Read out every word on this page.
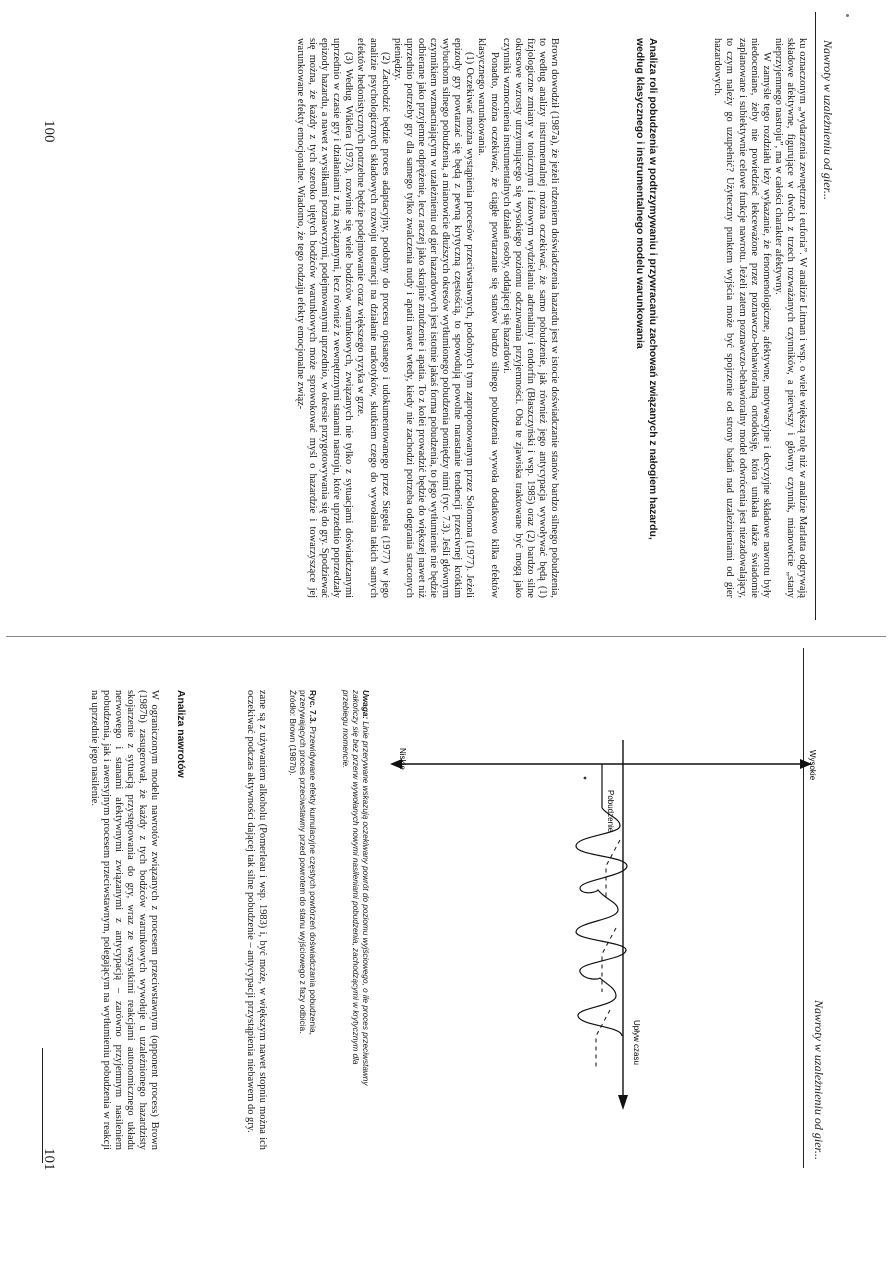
Nawroty w uzależnieniu od gier...

ku oznaczonym „wydarzenia zewnętrzne i euforia”. W analizie Litman i wsp. o wiele większą rolę niż w analizie Marlatta odgrywają składowe afektywne, figurujące w dwóch z trzech rozważanych czynników, a pierwszy i główny czynnik, mianowicie „stany nieprzyjemnego nastroju”, ma w całości charakter afektywny.

W zamyśle tego rozdziału leży wykazanie, że fenomenologiczne, afektywne, motywacyjne i decyzyjne składowe nawrotu były niedoceniane, żeby nie powiedzieć lekceważone przez poznawczo-behawioralną ortodoksję, która unikała także świadomie zaplanowane i subiektywnie celowe funkcje nawrotu. Jeżeli zatem poznawczo-behawioralny model odwrócenia jest niezadowalający, to czym należy go uzupełnić? Użyteczny punktem wyjścia może być spojrzenie od strony badań nad uzależnieniami od gier hazardowych.

Analiza roli pobudzenia w podtrzymywaniu i przywracaniu zachowań związanych z nałogiem hazardu, według klasycznego i instrumentalnego modelu warunkowania

Brown dowodził (1987a), że jeżeli rdzeniem doświadczenia hazardu jest w istocie doświadczanie stanów bardzo silnego pobudzenia, to według analizy instrumentalnej można oczekiwać, że samo pobudzenie, jak również jego antycypacja wywoływać będą (1) fizjologiczne zmiany w tonicznym i fazowym wydzielaniu adrenaliny i endorfin (Błaszczyński i wsp. 1985) oraz (2) bardzo silne okresowe wzrosty utrzymującego się wysokiego poziomu odczuwania przyjemności. Oba te zjawiska traktowane być mogą jako czynniki wzmocnienia instrumentalnych działań osoby, oddającej się hazardowi.

Ponadto, można oczekiwać, że ciągłe powtarzanie się stanów bardzo silnego pobudzenia wywoła dodatkowo kilka efektów klasycznego warunkowania.

(1) Oczekiwać można wystąpienia procesów przeciwstawnych, podobnych tym zaproponowanym przez Solomona (1977). Jeżeli epizody gry powtarzać się będą z pewną krytyczną częstością, to spowodują powolne narastanie tendencji przeciwnej krótkim wybuchom silnego pobudzenia, a mianowicie dłuższych okresów wytłumionego pobudzenia pomiędzy nimi (ryc. 7.3). Jeśli głównym czynnikiem wzmacniającym w uzależnieniu od gier hazardowych jest istotnie jakaś forma pobudzenia, to jego wytłumienie nie będzie odbierane jako przyjemne odprężenie, lecz raczej jako skrajnie znudzenie i apatia. To z kolei prowadzić będzie do większej nawet niż uprzednio potrzeby gry dla samego tylko zwalczenia nudy i apatii nawet wtedy, kiedy nie zachodzi potrzeba odegrania straconych pieniędzy.

(2) Zachodzić będzie proces adaptacyjny, podobny do procesu opisanego i udokumentowanego przez Siegela (1977) w jego analizie psychologicznych składowych rozwoju tolerancji na działanie narkotyków, skutkiem czego do wywołania takich samych efektów hedonistycznych potrzebne będzie podejmowanie coraz większego ryzyka w grze.

(3) Według Wiklera (1973), rozwinie się wiele bodźców warunkowych, związanych nie tylko z sytuacjami doświadczanymi uprzednio w czasie gry i działaniami z nią związanymi, lecz również z wewnętrznymi stanami nastroju, które uprzednio poprzedzały epizody hazardu, a nawet z wysiłkami poznawczymi, podejmowanymi uprzednio, w okresie przygotowywania się do gry. Spodziewać się można, że każdy z tych szeroko ujętych bodźców warunkowych może sprowokować myśl o hazardzie i towarzyszące jej warunkowane efekty emocjonalne. Wiadomo, że tego rodzaju efekty emocjonalne związ-

100
Nawroty w uzależnieniu od gier...
Pobudzenie
Wysokie
Niskie
Upływ czasu
Uwaga: Linie przerywane wskazują oczekiwany powrót do poziomu wyjściowego, o ile proces przeciwstawny zakończy się bez przerw wywołanych nowymi nasileniami pobudzenia, zachodzącymi w krytycznym dla przebiegu momencie.
Ryc. 7.3. Przewidywane efekty kumulacyjne częstych powtórzeń doświadczania pobudzenia, przerywających proces przeciwstawny przed powrotem do stanu wyjściowego z fazy odbicia.
Źródło: Brown (1987b).

zane są z używaniem alkoholu (Pomerleau i wsp. 1983) i, być może, w większym nawet stopniu można ich oczekiwać podczas aktywności dającej tak silne pobudzenie – antycypacji przystąpienia niebawem do gry.

Analiza nawrotów

W ograniczonym modelu nawrotów związanych z procesem przeciwstawnym (opponent process) Brown (1987b) zasugerował, że każdy z tych bodźców warunkowych wywołuje u uzależnionego hazardzisty skojarzenie z sytuacją przystępowania do gry, wraz ze wszystkimi reakcjami autonomicznego układu nerwowego i stanami afektywnymi związanymi z antycypacją – zarówno przyjemnym nasileniem pobudzenia, jak i awersyjnym procesem przeciwstawnym, polegającym na wytłumieniu pobudzenia w reakcji na uprzednie jego nasilenie.

101
